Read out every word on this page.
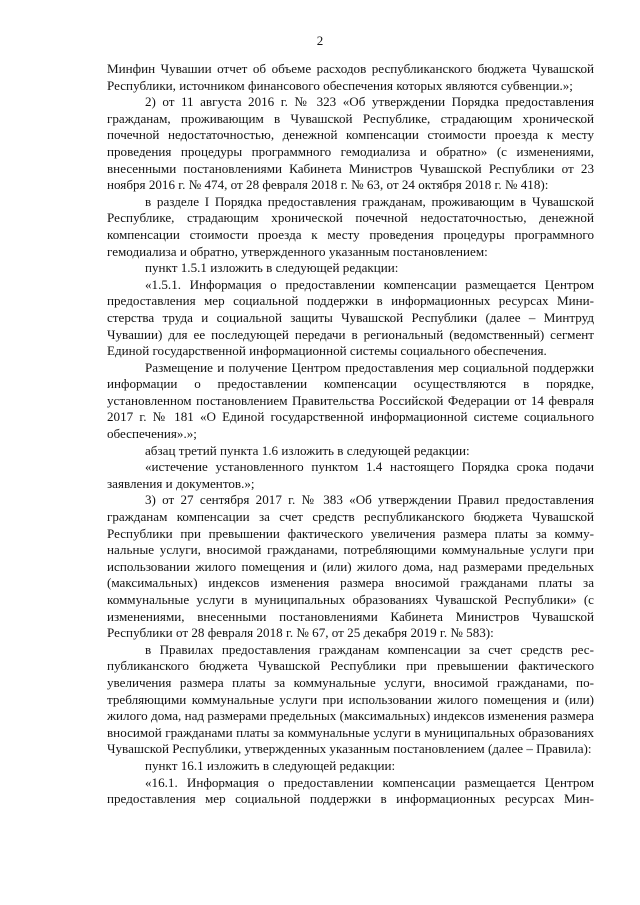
2

Минфин Чувашии отчет об объеме расходов республиканского бюджета Чувашской Республики, источником финансового обеспечения которых являются субвенции.»;

2) от 11 августа 2016 г. № 323 «Об утверждении Порядка предоставления гражданам, проживающим в Чувашской Республике, страдающим хронической почечной недостаточностью, денежной компенсации стоимости проезда к месту проведения процедуры программного гемодиализа и обратно» (с изменениями, внесенными постановлениями Кабинета Министров Чувашской Республики от 23 ноября 2016 г. № 474, от 28 февраля 2018 г. № 63, от 24 октября 2018 г. № 418):

в разделе I Порядка предоставления гражданам, проживающим в Чувашской Республике, страдающим хронической почечной недостаточностью, денежной компенсации стоимости проезда к месту проведения процедуры программного гемодиализа и обратно, утвержденного указанным постановлением:

пункт 1.5.1 изложить в следующей редакции:

«1.5.1. Информация о предоставлении компенсации размещается Центром предоставления мер социальной поддержки в информационных ресурсах Министерства труда и социальной защиты Чувашской Республики (далее – Минтруд Чувашии) для ее последующей передачи в региональный (ведомственный) сегмент Единой государственной информационной системы социального обеспечения.

Размещение и получение Центром предоставления мер социальной поддержки информации о предоставлении компенсации осуществляются в порядке, установленном постановлением Правительства Российской Федерации от 14 февраля 2017 г. № 181 «О Единой государственной информационной системе социального обеспечения».»;

абзац третий пункта 1.6 изложить в следующей редакции:

«истечение установленного пунктом 1.4 настоящего Порядка срока подачи заявления и документов.»;

3) от 27 сентября 2017 г. № 383 «Об утверждении Правил предоставления гражданам компенсации за счет средств республиканского бюджета Чувашской Республики при превышении фактического увеличения размера платы за коммунальные услуги, вносимой гражданами, потребляющими коммунальные услуги при использовании жилого помещения и (или) жилого дома, над размерами предельных (максимальных) индексов изменения размера вносимой гражданами платы за коммунальные услуги в муниципальных образованиях Чувашской Республики» (с изменениями, внесенными постановлениями Кабинета Министров Чувашской Республики от 28 февраля 2018 г. № 67, от 25 декабря 2019 г. № 583):

в Правилах предоставления гражданам компенсации за счет средств республиканского бюджета Чувашской Республики при превышении фактического увеличения размера платы за коммунальные услуги, вносимой гражданами, потребляющими коммунальные услуги при использовании жилого помещения и (или) жилого дома, над размерами предельных (максимальных) индексов изменения размера вносимой гражданами платы за коммунальные услуги в муниципальных образованиях Чувашской Республики, утвержденных указанным постановлением (далее – Правила):

пункт 16.1 изложить в следующей редакции:

«16.1. Информация о предоставлении компенсации размещается Центром предоставления мер социальной поддержки в информационных ресурсах Мин-
